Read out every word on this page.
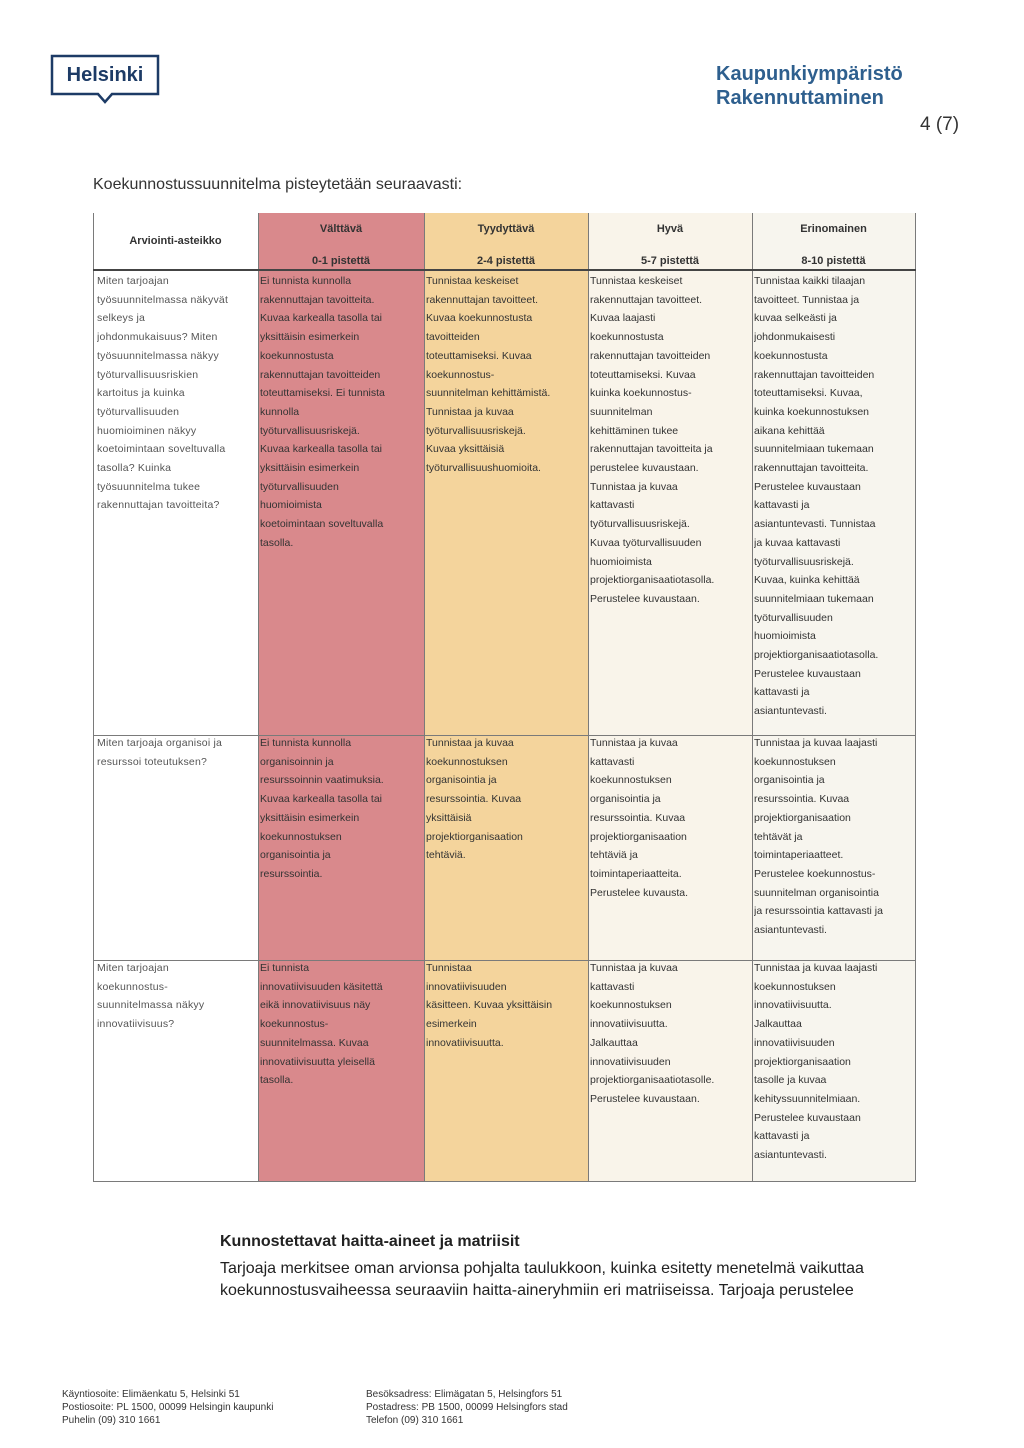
Helsinki	Kaupunkiympäristö
Rakennuttaminen
4 (7)
Koekunnostussuunnitelma pisteytetään seuraavasti:
Arviointi-asteikko
Välttävä
0-1 pistettä
Tyydyttävä
2-4 pistettä
Hyvä
5-7 pistettä
Erinomainen
8-10 pistettä
Miten tarjoajan
työsuunnitelmassa näkyvät
selkeys ja
johdonmukaisuus? Miten
työsuunnitelmassa näkyy
työturvallisuusriskien
kartoitus ja kuinka
työturvallisuuden
huomioiminen näkyy
koetoimintaan soveltuvalla
tasolla? Kuinka
työsuunnitelma tukee
rakennuttajan tavoitteita?
Ei tunnista kunnolla
rakennuttajan tavoitteita.
Kuvaa karkealla tasolla tai
yksittäisin esimerkein
koekunnostusta
rakennuttajan tavoitteiden
toteuttamiseksi. Ei tunnista
kunnolla
työturvallisuusriskejä.
Kuvaa karkealla tasolla tai
yksittäisin esimerkein
työturvallisuuden
huomioimista
koetoimintaan soveltuvalla
tasolla.
Tunnistaa keskeiset
rakennuttajan tavoitteet.
Kuvaa koekunnostusta
tavoitteiden
toteuttamiseksi. Kuvaa
koekunnostus-
suunnitelman kehittämistä.
Tunnistaa ja kuvaa
työturvallisuusriskejä.
Kuvaa yksittäisiä
työturvallisuushuomioita.
Tunnistaa keskeiset
rakennuttajan tavoitteet.
Kuvaa laajasti
koekunnostusta
rakennuttajan tavoitteiden
toteuttamiseksi. Kuvaa
kuinka koekunnostus-
suunnitelman
kehittäminen tukee
rakennuttajan tavoitteita ja
perustelee kuvaustaan.
Tunnistaa ja kuvaa
kattavasti
työturvallisuusriskejä.
Kuvaa työturvallisuuden
huomioimista
projektiorganisaatiotasolla.
Perustelee kuvaustaan.
Tunnistaa kaikki tilaajan
tavoitteet. Tunnistaa ja
kuvaa selkeästi ja
johdonmukaisesti
koekunnostusta
rakennuttajan tavoitteiden
toteuttamiseksi. Kuvaa,
kuinka koekunnostuksen
aikana kehittää
suunnitelmiaan tukemaan
rakennuttajan tavoitteita.
Perustelee kuvaustaan
kattavasti ja
asiantuntevasti. Tunnistaa
ja kuvaa kattavasti
työturvallisuusriskejä.
Kuvaa, kuinka kehittää
suunnitelmiaan tukemaan
työturvallisuuden
huomioimista
projektiorganisaatiotasolla.
Perustelee kuvaustaan
kattavasti ja
asiantuntevasti.
Miten tarjoaja organisoi ja
resurssoi toteutuksen?
Ei tunnista kunnolla
organisoinnin ja
resurssoinnin vaatimuksia.
Kuvaa karkealla tasolla tai
yksittäisin esimerkein
koekunnostuksen
organisointia ja
resurssointia.
Tunnistaa ja kuvaa
koekunnostuksen
organisointia ja
resurssointia. Kuvaa
yksittäisiä
projektiorganisaation
tehtäviä.
Tunnistaa ja kuvaa
kattavasti
koekunnostuksen
organisointia ja
resurssointia. Kuvaa
projektiorganisaation
tehtäviä ja
toimintaperiaatteita.
Perustelee kuvausta.
Tunnistaa ja kuvaa laajasti
koekunnostuksen
organisointia ja
resurssointia. Kuvaa
projektiorganisaation
tehtävät ja
toimintaperiaatteet.
Perustelee koekunnostus-
suunnitelman organisointia
ja resurssointia kattavasti ja
asiantuntevasti.
Miten tarjoajan
koekunnostus-
suunnitelmassa näkyy
innovatiivisuus?
Ei tunnista
innovatiivisuuden käsitettä
eikä innovatiivisuus näy
koekunnostus-
suunnitelmassa. Kuvaa
innovatiivisuutta yleisellä
tasolla.
Tunnistaa
innovatiivisuuden
käsitteen. Kuvaa yksittäisin
esimerkein
innovatiivisuutta.
Tunnistaa ja kuvaa
kattavasti
koekunnostuksen
innovatiivisuutta.
Jalkauttaa
innovatiivisuuden
projektiorganisaatiotasolle.
Perustelee kuvaustaan.
Tunnistaa ja kuvaa laajasti
koekunnostuksen
innovatiivisuutta.
Jalkauttaa
innovatiivisuuden
projektiorganisaation
tasolle ja kuvaa
kehityssuunnitelmiaan.
Perustelee kuvaustaan
kattavasti ja
asiantuntevasti.
Kunnostettavat haitta-aineet ja matriisit
Tarjoaja merkitsee oman arvionsa pohjalta taulukkoon, kuinka esitetty menetelmä vaikuttaa koekunnostusvaiheessa seuraaviin haitta-aineryhmiin eri matriiseissa. Tarjoaja perustelee
Käyntiosoite: Elimäenkatu 5, Helsinki 51
Postiosoite: PL 1500, 00099 Helsingin kaupunki
Puhelin (09) 310 1661
Besöksadress: Elimägatan 5, Helsingfors 51
Postadress: PB 1500, 00099 Helsingfors stad
Telefon (09) 310 1661
